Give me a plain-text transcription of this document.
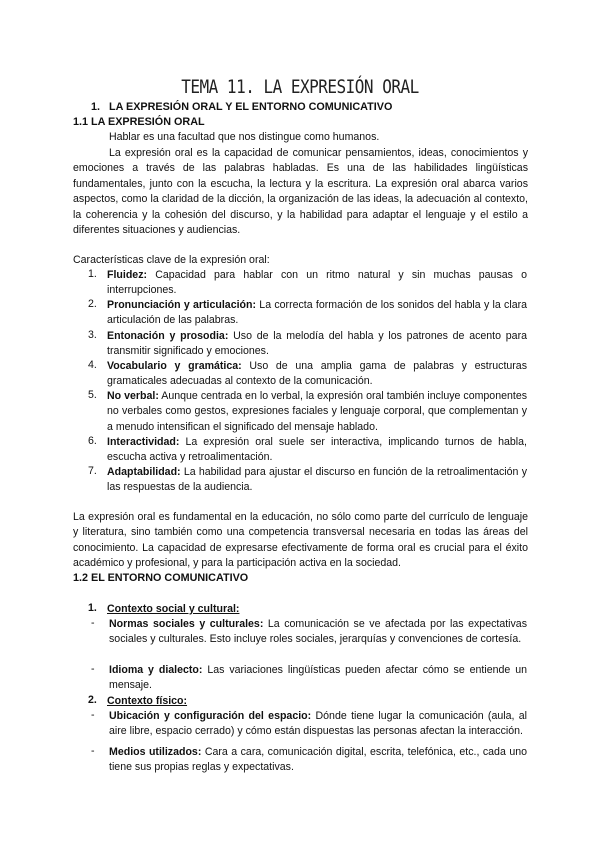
TEMA 11. LA EXPRESIÓN ORAL
1. LA EXPRESIÓN ORAL Y EL ENTORNO COMUNICATIVO
1.1 LA EXPRESIÓN ORAL
Hablar es una facultad que nos distingue como humanos.
La expresión oral es la capacidad de comunicar pensamientos, ideas, conocimientos y emociones a través de las palabras habladas. Es una de las habilidades lingüísticas fundamentales, junto con la escucha, la lectura y la escritura. La expresión oral abarca varios aspectos, como la claridad de la dicción, la organización de las ideas, la adecuación al contexto, la coherencia y la cohesión del discurso, y la habilidad para adaptar el lenguaje y el estilo a diferentes situaciones y audiencias.
Características clave de la expresión oral:
1. Fluidez: Capacidad para hablar con un ritmo natural y sin muchas pausas o interrupciones.
2. Pronunciación y articulación: La correcta formación de los sonidos del habla y la clara articulación de las palabras.
3. Entonación y prosodia: Uso de la melodía del habla y los patrones de acento para transmitir significado y emociones.
4. Vocabulario y gramática: Uso de una amplia gama de palabras y estructuras gramaticales adecuadas al contexto de la comunicación.
5. No verbal: Aunque centrada en lo verbal, la expresión oral también incluye componentes no verbales como gestos, expresiones faciales y lenguaje corporal, que complementan y a menudo intensifican el significado del mensaje hablado.
6. Interactividad: La expresión oral suele ser interactiva, implicando turnos de habla, escucha activa y retroalimentación.
7. Adaptabilidad: La habilidad para ajustar el discurso en función de la retroalimentación y las respuestas de la audiencia.
La expresión oral es fundamental en la educación, no sólo como parte del currículo de lenguaje y literatura, sino también como una competencia transversal necesaria en todas las áreas del conocimiento. La capacidad de expresarse efectivamente de forma oral es crucial para el éxito académico y profesional, y para la participación activa en la sociedad.
1.2 EL ENTORNO COMUNICATIVO
1. Contexto social y cultural:
- Normas sociales y culturales: La comunicación se ve afectada por las expectativas sociales y culturales. Esto incluye roles sociales, jerarquías y convenciones de cortesía.
- Idioma y dialecto: Las variaciones lingüísticas pueden afectar cómo se entiende un mensaje.
2. Contexto físico:
- Ubicación y configuración del espacio: Dónde tiene lugar la comunicación (aula, al aire libre, espacio cerrado) y cómo están dispuestas las personas afectan la interacción.
- Medios utilizados: Cara a cara, comunicación digital, escrita, telefónica, etc., cada uno tiene sus propias reglas y expectativas.
